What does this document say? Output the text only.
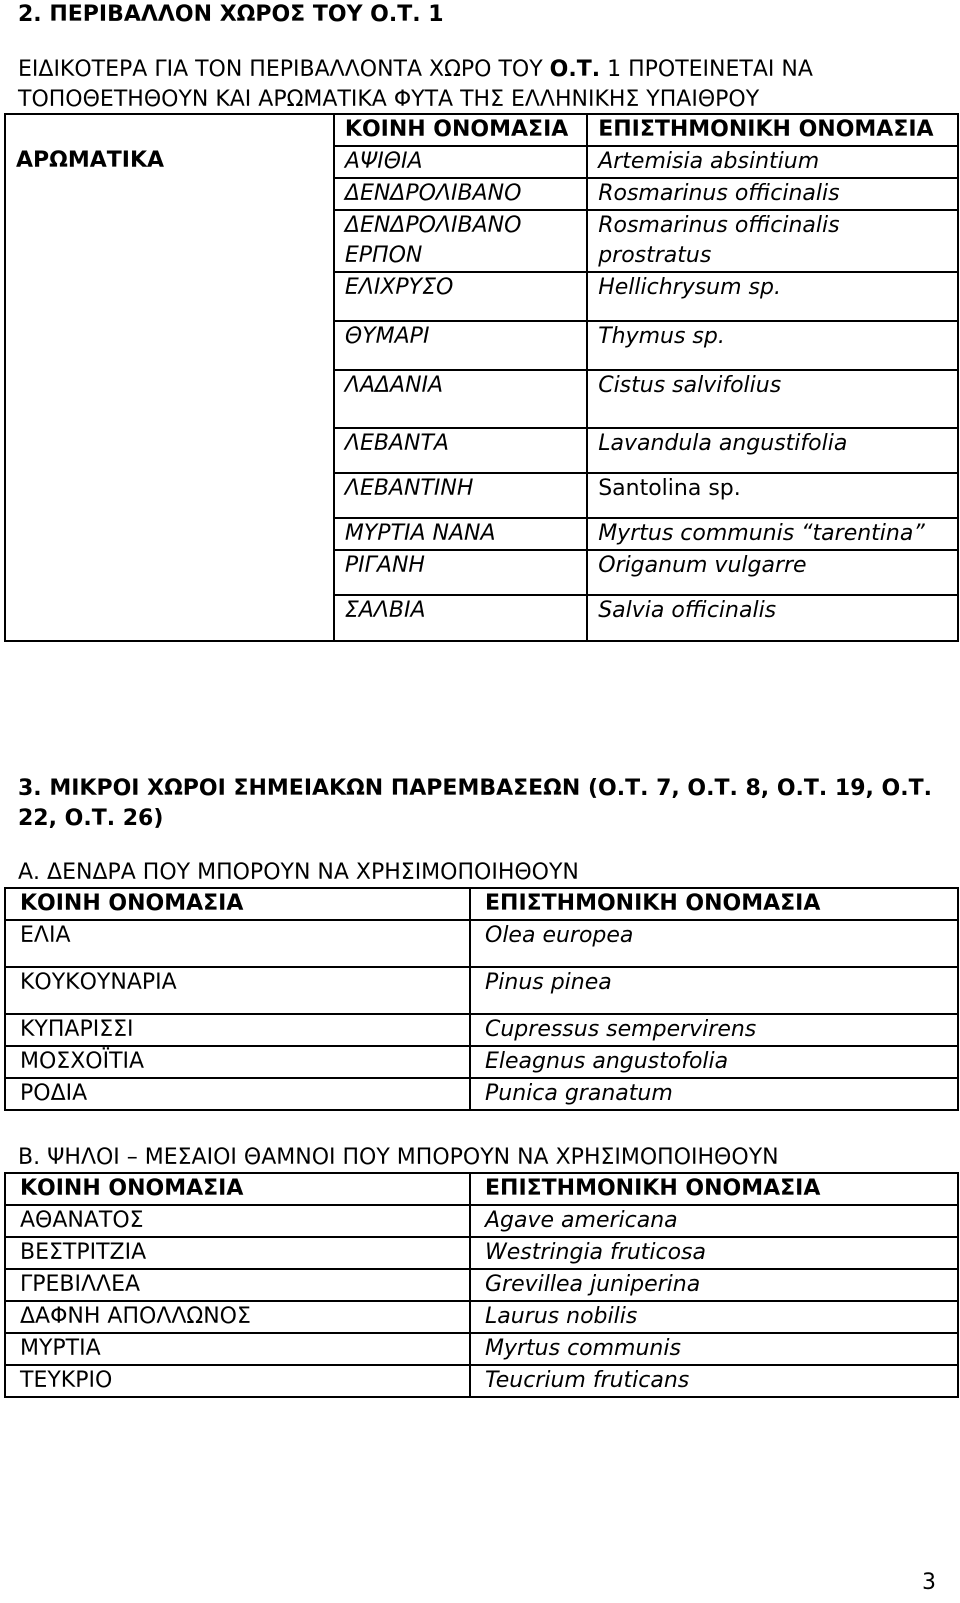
2. ΠΕΡΙΒΑΛΛΟΝ ΧΩΡΟΣ ΤΟΥ Ο.Τ. 1
ΕΙΔΙΚΟΤΕΡΑ ΓΙΑ ΤΟΝ ΠΕΡΙΒΑΛΛΟΝΤΑ ΧΩΡΟ ΤΟΥ Ο.Τ. 1 ΠΡΟΤΕΙΝΕΤΑΙ ΝΑ ΤΟΠΟΘΕΤΗΘΟΥΝ ΚΑΙ ΑΡΩΜΑΤΙΚΑ ΦΥΤΑ ΤΗΣ ΕΛΛΗΝΙΚΗΣ ΥΠΑΙΘΡΟΥ
	ΚΟΙΝΗ ΟΝΟΜΑΣΙΑ	ΕΠΙΣΤΗΜΟΝΙΚΗ ΟΝΟΜΑΣΙΑ
ΑΡΩΜΑΤΙΚΑ	ΑΨΙΘΙΑ	Artemisia absintium
	ΔΕΝΔΡΟΛΙΒΑΝΟ	Rosmarinus officinalis
	ΔΕΝΔΡΟΛΙΒΑΝΟ ΕΡΠΟΝ	Rosmarinus officinalis prostratus
	ΕΛΙΧΡΥΣΟ	Hellichrysum sp.
	ΘΥΜΑΡΙ	Thymus sp.
	ΛΑΔΑΝΙΑ	Cistus salvifolius
	ΛΕΒΑΝΤΑ	Lavandula angustifolia
	ΛΕΒΑΝΤΙΝΗ	Santolina sp.
	ΜΥΡΤΙΑ ΝΑΝΑ	Myrtus communis “tarentina”
	ΡΙΓΑΝΗ	Origanum vulgarre
	ΣΑΛΒΙΑ	Salvia officinalis
3. ΜΙΚΡΟΙ ΧΩΡΟΙ ΣΗΜΕΙΑΚΩΝ ΠΑΡΕΜΒΑΣΕΩΝ (Ο.Τ. 7, Ο.Τ. 8, Ο.Τ. 19, Ο.Τ. 22, Ο.Τ. 26)
Α. ΔΕΝΔΡΑ ΠΟΥ ΜΠΟΡΟΥΝ ΝΑ ΧΡΗΣΙΜΟΠΟΙΗΘΟΥΝ
ΚΟΙΝΗ ΟΝΟΜΑΣΙΑ	ΕΠΙΣΤΗΜΟΝΙΚΗ ΟΝΟΜΑΣΙΑ
ΕΛΙΑ	Olea europea
ΚΟΥΚΟΥΝΑΡΙΑ	Pinus pinea
ΚΥΠΑΡΙΣΣΙ	Cupressus sempervirens
ΜΟΣΧΟΪΤΙΑ	Eleagnus angustofolia
ΡΟΔΙΑ	Punica granatum
Β. ΨΗΛΟΙ – ΜΕΣΑΙΟΙ ΘΑΜΝΟΙ ΠΟΥ ΜΠΟΡΟΥΝ ΝΑ ΧΡΗΣΙΜΟΠΟΙΗΘΟΥΝ
ΚΟΙΝΗ ΟΝΟΜΑΣΙΑ	ΕΠΙΣΤΗΜΟΝΙΚΗ ΟΝΟΜΑΣΙΑ
ΑΘΑΝΑΤΟΣ	Agave americana
ΒΕΣΤΡΙΤΖΙΑ	Westringia fruticosa
ΓΡΕΒΙΛΛΕΑ	Grevillea juniperina
ΔΑΦΝΗ ΑΠΟΛΛΩΝΟΣ	Laurus nobilis
ΜΥΡΤΙΑ	Myrtus communis
ΤΕΥΚΡΙΟ	Teucrium fruticans
3
